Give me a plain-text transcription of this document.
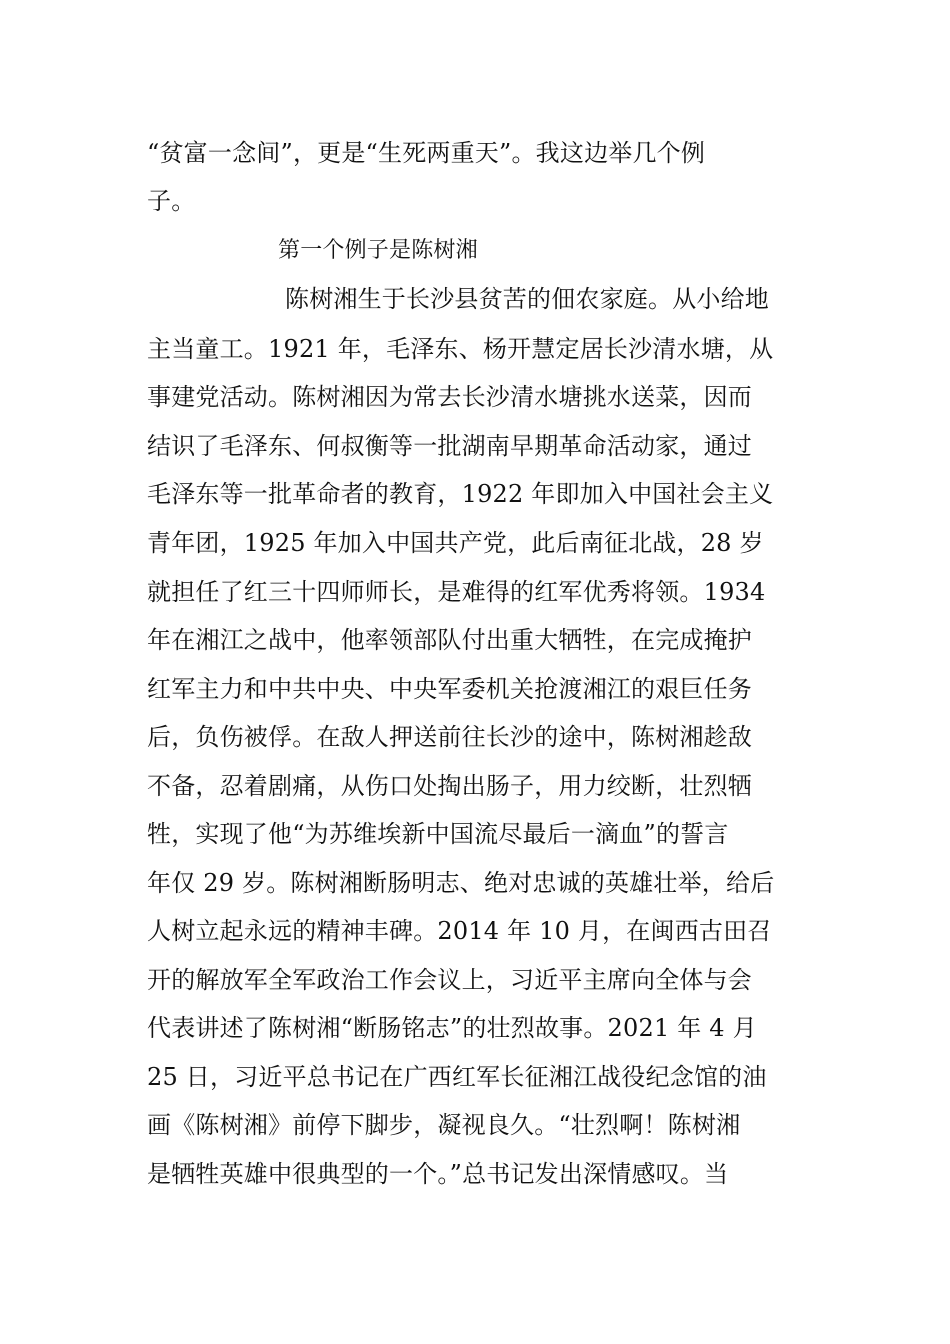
“贫富一念间”，更是“生死两重天”。我这边举几个例
子。
第一个例子是陈树湘
陈树湘生于长沙县贫苦的佃农家庭。从小给地
主当童工。1921 年，毛泽东、杨开慧定居长沙清水塘，从
事建党活动。陈树湘因为常去长沙清水塘挑水送菜，因而
结识了毛泽东、何叔衡等一批湖南早期革命活动家，通过
毛泽东等一批革命者的教育，1922 年即加入中国社会主义
青年团，1925 年加入中国共产党，此后南征北战，28 岁
就担任了红三十四师师长，是难得的红军优秀将领。1934
年在湘江之战中，他率领部队付出重大牺牲，在完成掩护
红军主力和中共中央、中央军委机关抢渡湘江的艰巨任务
后，负伤被俘。在敌人押送前往长沙的途中，陈树湘趁敌
不备，忍着剧痛，从伤口处掏出肠子，用力绞断，壮烈牺
牲，实现了他“为苏维埃新中国流尽最后一滴血”的誓言
年仅 29 岁。陈树湘断肠明志、绝对忠诚的英雄壮举，给后
人树立起永远的精神丰碑。2014 年 10 月，在闽西古田召
开的解放军全军政治工作会议上，习近平主席向全体与会
代表讲述了陈树湘“断肠铭志”的壮烈故事。2021 年 4 月
25 日，习近平总书记在广西红军长征湘江战役纪念馆的油
画《陈树湘》前停下脚步，凝视良久。“壮烈啊！陈树湘
是牺牲英雄中很典型的一个。”总书记发出深情感叹。当
